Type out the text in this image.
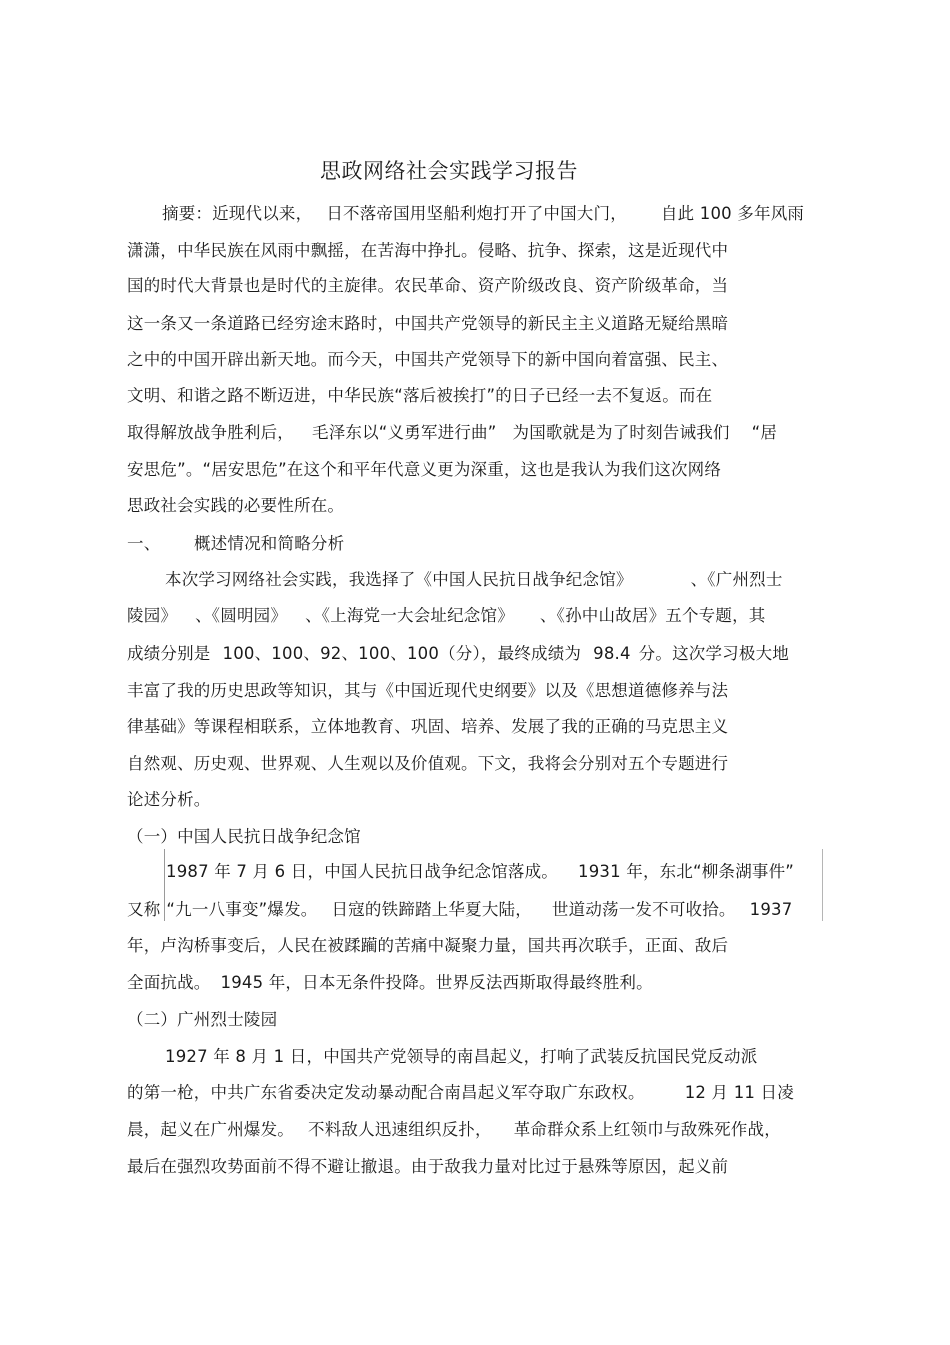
思政网络社会实践学习报告
摘要：近现代以来， 日不落帝国用坚船利炮打开了中国大门， 自此 100 多年风雨
潇潇，中华民族在风雨中飘摇，在苦海中挣扎。侵略、抗争、探索，这是近现代中
国的时代大背景也是时代的主旋律。农民革命、资产阶级改良、资产阶级革命，当
这一条又一条道路已经穷途末路时，中国共产党领导的新民主主义道路无疑给黑暗
之中的中国开辟出新天地。而今天，中国共产党领导下的新中国向着富强、民主、
文明、和谐之路不断迈进，中华民族“落后被挨打”的日子已经一去不复返。而在
取得解放战争胜利后， 毛泽东以“义勇军进行曲” 为国歌就是为了时刻告诫我们 “居
安思危”。“居安思危”在这个和平年代意义更为深重，这也是我认为我们这次网络
思政社会实践的必要性所在。
一、 概述情况和简略分析
本次学习网络社会实践，我选择了《中国人民抗日战争纪念馆》	、《广州烈士
陵园》 、《圆明园》 、《上海党一大会址纪念馆》 、《孙中山故居》五个专题，其
成绩分别是 100、100、92、100、100（分），最终成绩为 98.4 分。这次学习极大地
丰富了我的历史思政等知识，其与《中国近现代史纲要》以及《思想道德修养与法
律基础》等课程相联系，立体地教育、巩固、培养、发展了我的正确的马克思主义
自然观、历史观、世界观、人生观以及价值观。下文，我将会分别对五个专题进行
论述分析。
（一）中国人民抗日战争纪念馆
1987 年 7 月 6 日，中国人民抗日战争纪念馆落成。 1931 年，东北“柳条湖事件”
又称 “九一八事变”爆发。 日寇的铁蹄踏上华夏大陆， 世道动荡一发不可收拾。 1937
年，卢沟桥事变后，人民在被蹂躏的苦痛中凝聚力量，国共再次联手，正面、敌后
全面抗战。 1945 年，日本无条件投降。世界反法西斯取得最终胜利。
（二）广州烈士陵园
1927 年 8 月 1 日，中国共产党领导的南昌起义，打响了武装反抗国民党反动派
的第一枪，中共广东省委决定发动暴动配合南昌起义军夺取广东政权。 12 月 11 日凌
晨，起义在广州爆发。 不料敌人迅速组织反扑， 革命群众系上红领巾与敌殊死作战，
最后在强烈攻势面前不得不避让撤退。由于敌我力量对比过于悬殊等原因，起义前
